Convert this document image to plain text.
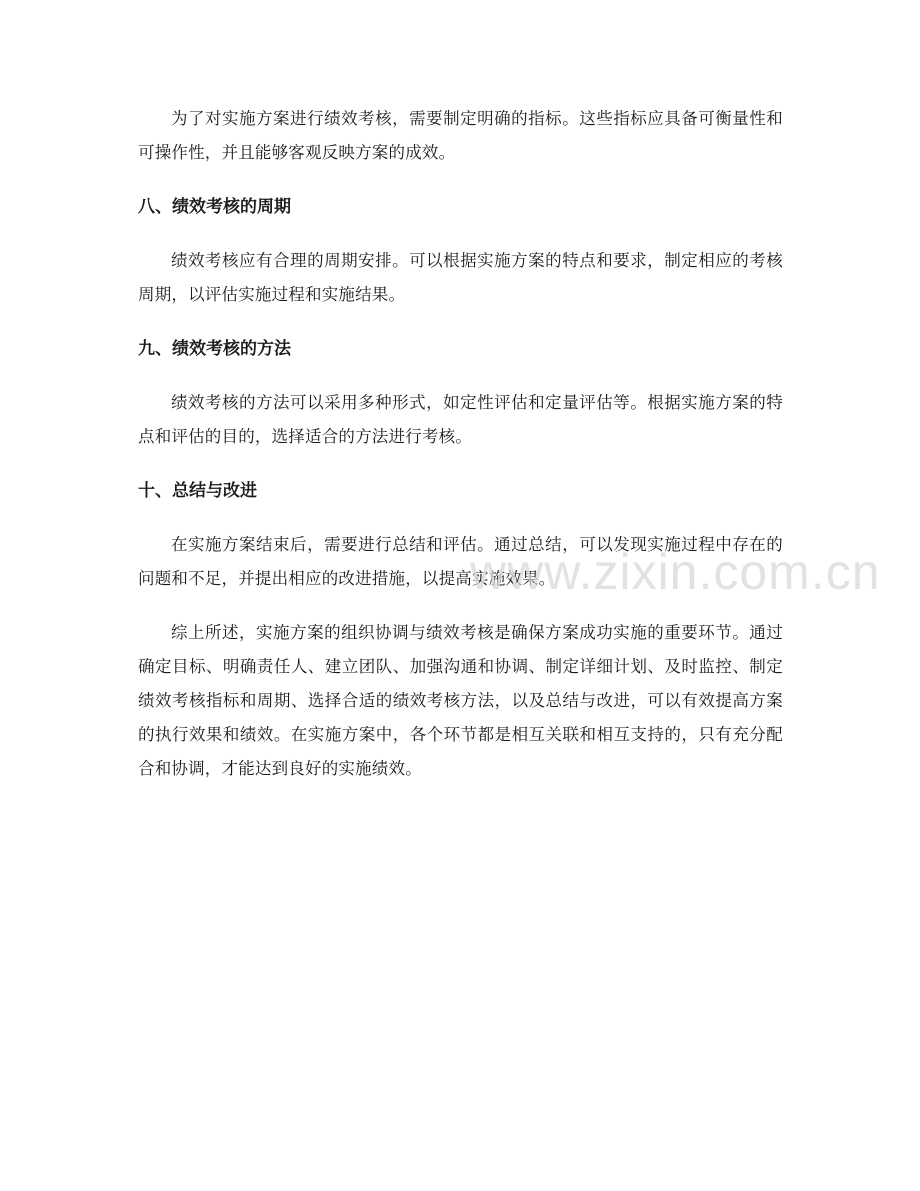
为了对实施方案进行绩效考核，需要制定明确的指标。这些指标应具备可衡量性和可操作性，并且能够客观反映方案的成效。

八、绩效考核的周期

绩效考核应有合理的周期安排。可以根据实施方案的特点和要求，制定相应的考核周期，以评估实施过程和实施结果。

九、绩效考核的方法

绩效考核的方法可以采用多种形式，如定性评估和定量评估等。根据实施方案的特点和评估的目的，选择适合的方法进行考核。

十、总结与改进

在实施方案结束后，需要进行总结和评估。通过总结，可以发现实施过程中存在的问题和不足，并提出相应的改进措施，以提高实施效果。

综上所述，实施方案的组织协调与绩效考核是确保方案成功实施的重要环节。通过确定目标、明确责任人、建立团队、加强沟通和协调、制定详细计划、及时监控、制定绩效考核指标和周期、选择合适的绩效考核方法，以及总结与改进，可以有效提高方案的执行效果和绩效。在实施方案中，各个环节都是相互关联和相互支持的，只有充分配合和协调，才能达到良好的实施绩效。

www.zixin.com.cn
